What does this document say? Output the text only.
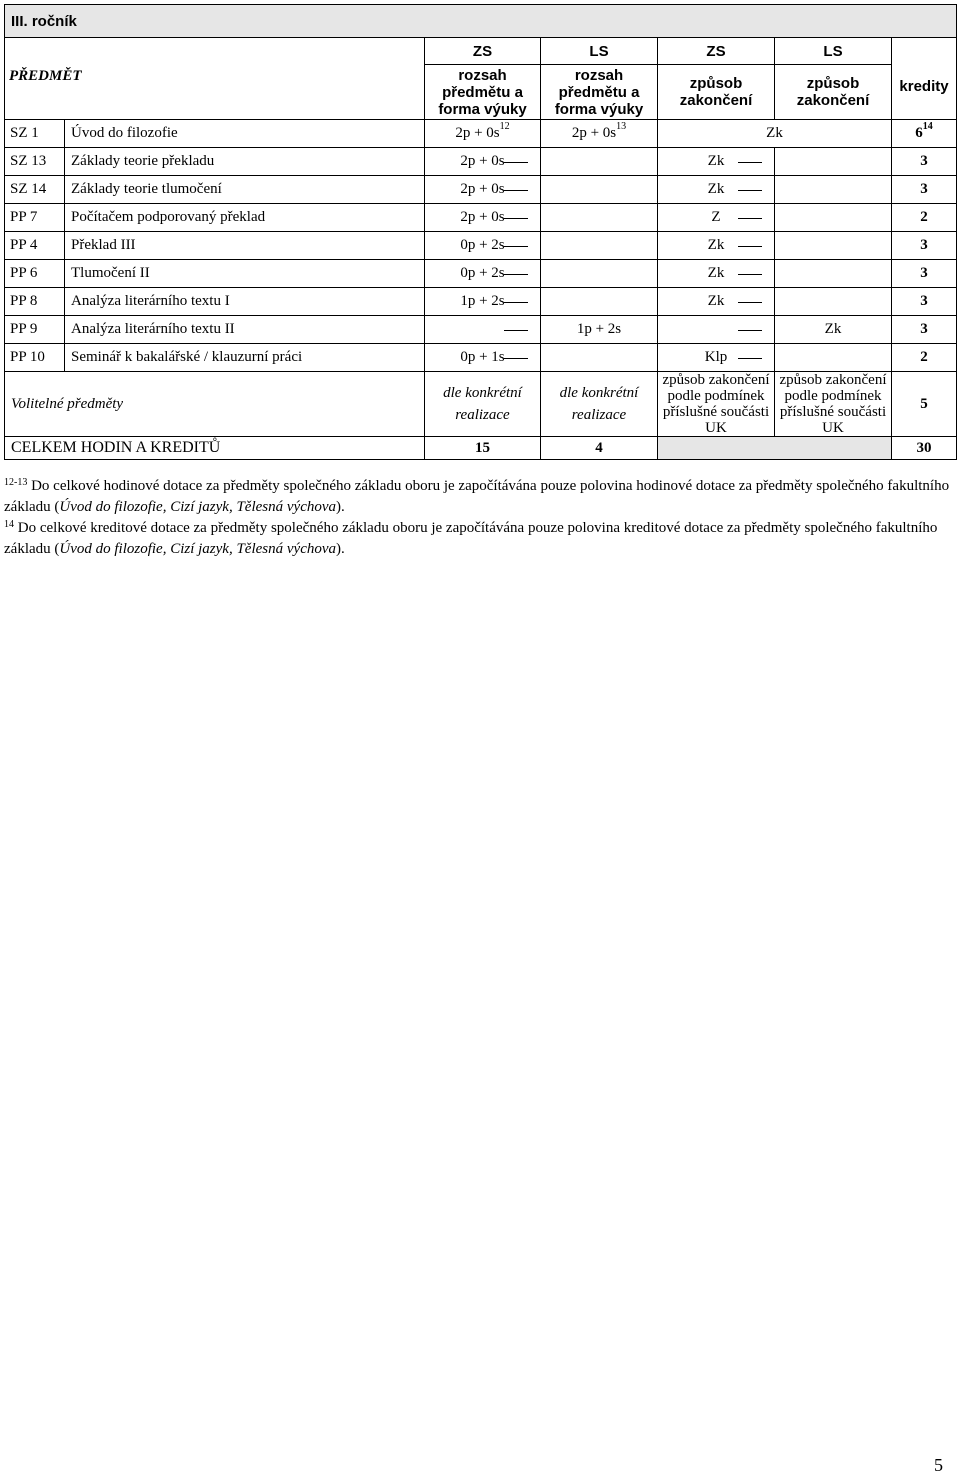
III. ročník						
PŘEDMĚT		ZS	LS	ZS	LS	kredity
		rozsah
předmětu a
forma výuky	rozsah
předmětu a
forma výuky	způsob
zakončení	způsob
zakončení	
SZ 1	Úvod do filozofie	$2p + 0s^{12}$	$2p + 0s^{13}$	Zk		$6^{14}$
SZ 13	Základy teorie překladu	2p + 0s		Zk		3
SZ 14	Základy teorie tlumočení	2p + 0s		Zk		3
PP 7	Počítačem podporovaný překlad	2p + 0s		Z		2
PP 4	Překlad III	0p + 2s		Zk		3
PP 6	Tlumočení II	0p + 2s		Zk		3
PP 8	Analýza literárního textu I	1p + 2s		Zk		3
PP 9	Analýza literárního textu II		1p + 2s		Zk	3
PP 10	Seminář k bakalářské / klauzurní práci	0p + 1s		Klp		2
Volitelné předměty		dle konkrétní
realizace	dle konkrétní
realizace	způsob zakončení
podle podmínek
příslušné součásti
UK	způsob zakončení
podle podmínek
příslušné součásti
UK	5
CELKEM HODIN A KREDITŮ		15	4			30

$^{12-13}$ Do celkové hodinové dotace za předměty společného základu oboru je započítávána pouze polovina hodinové dotace za předměty společného fakultního základu (Úvod do filozofie, Cizí jazyk, Tělesná výchova).

$^{14}$ Do celkové kreditové dotace za předměty společného základu oboru je započítávána pouze polovina kreditové dotace za předměty společného fakultního základu (Úvod do filozofie, Cizí jazyk, Tělesná výchova).

5
